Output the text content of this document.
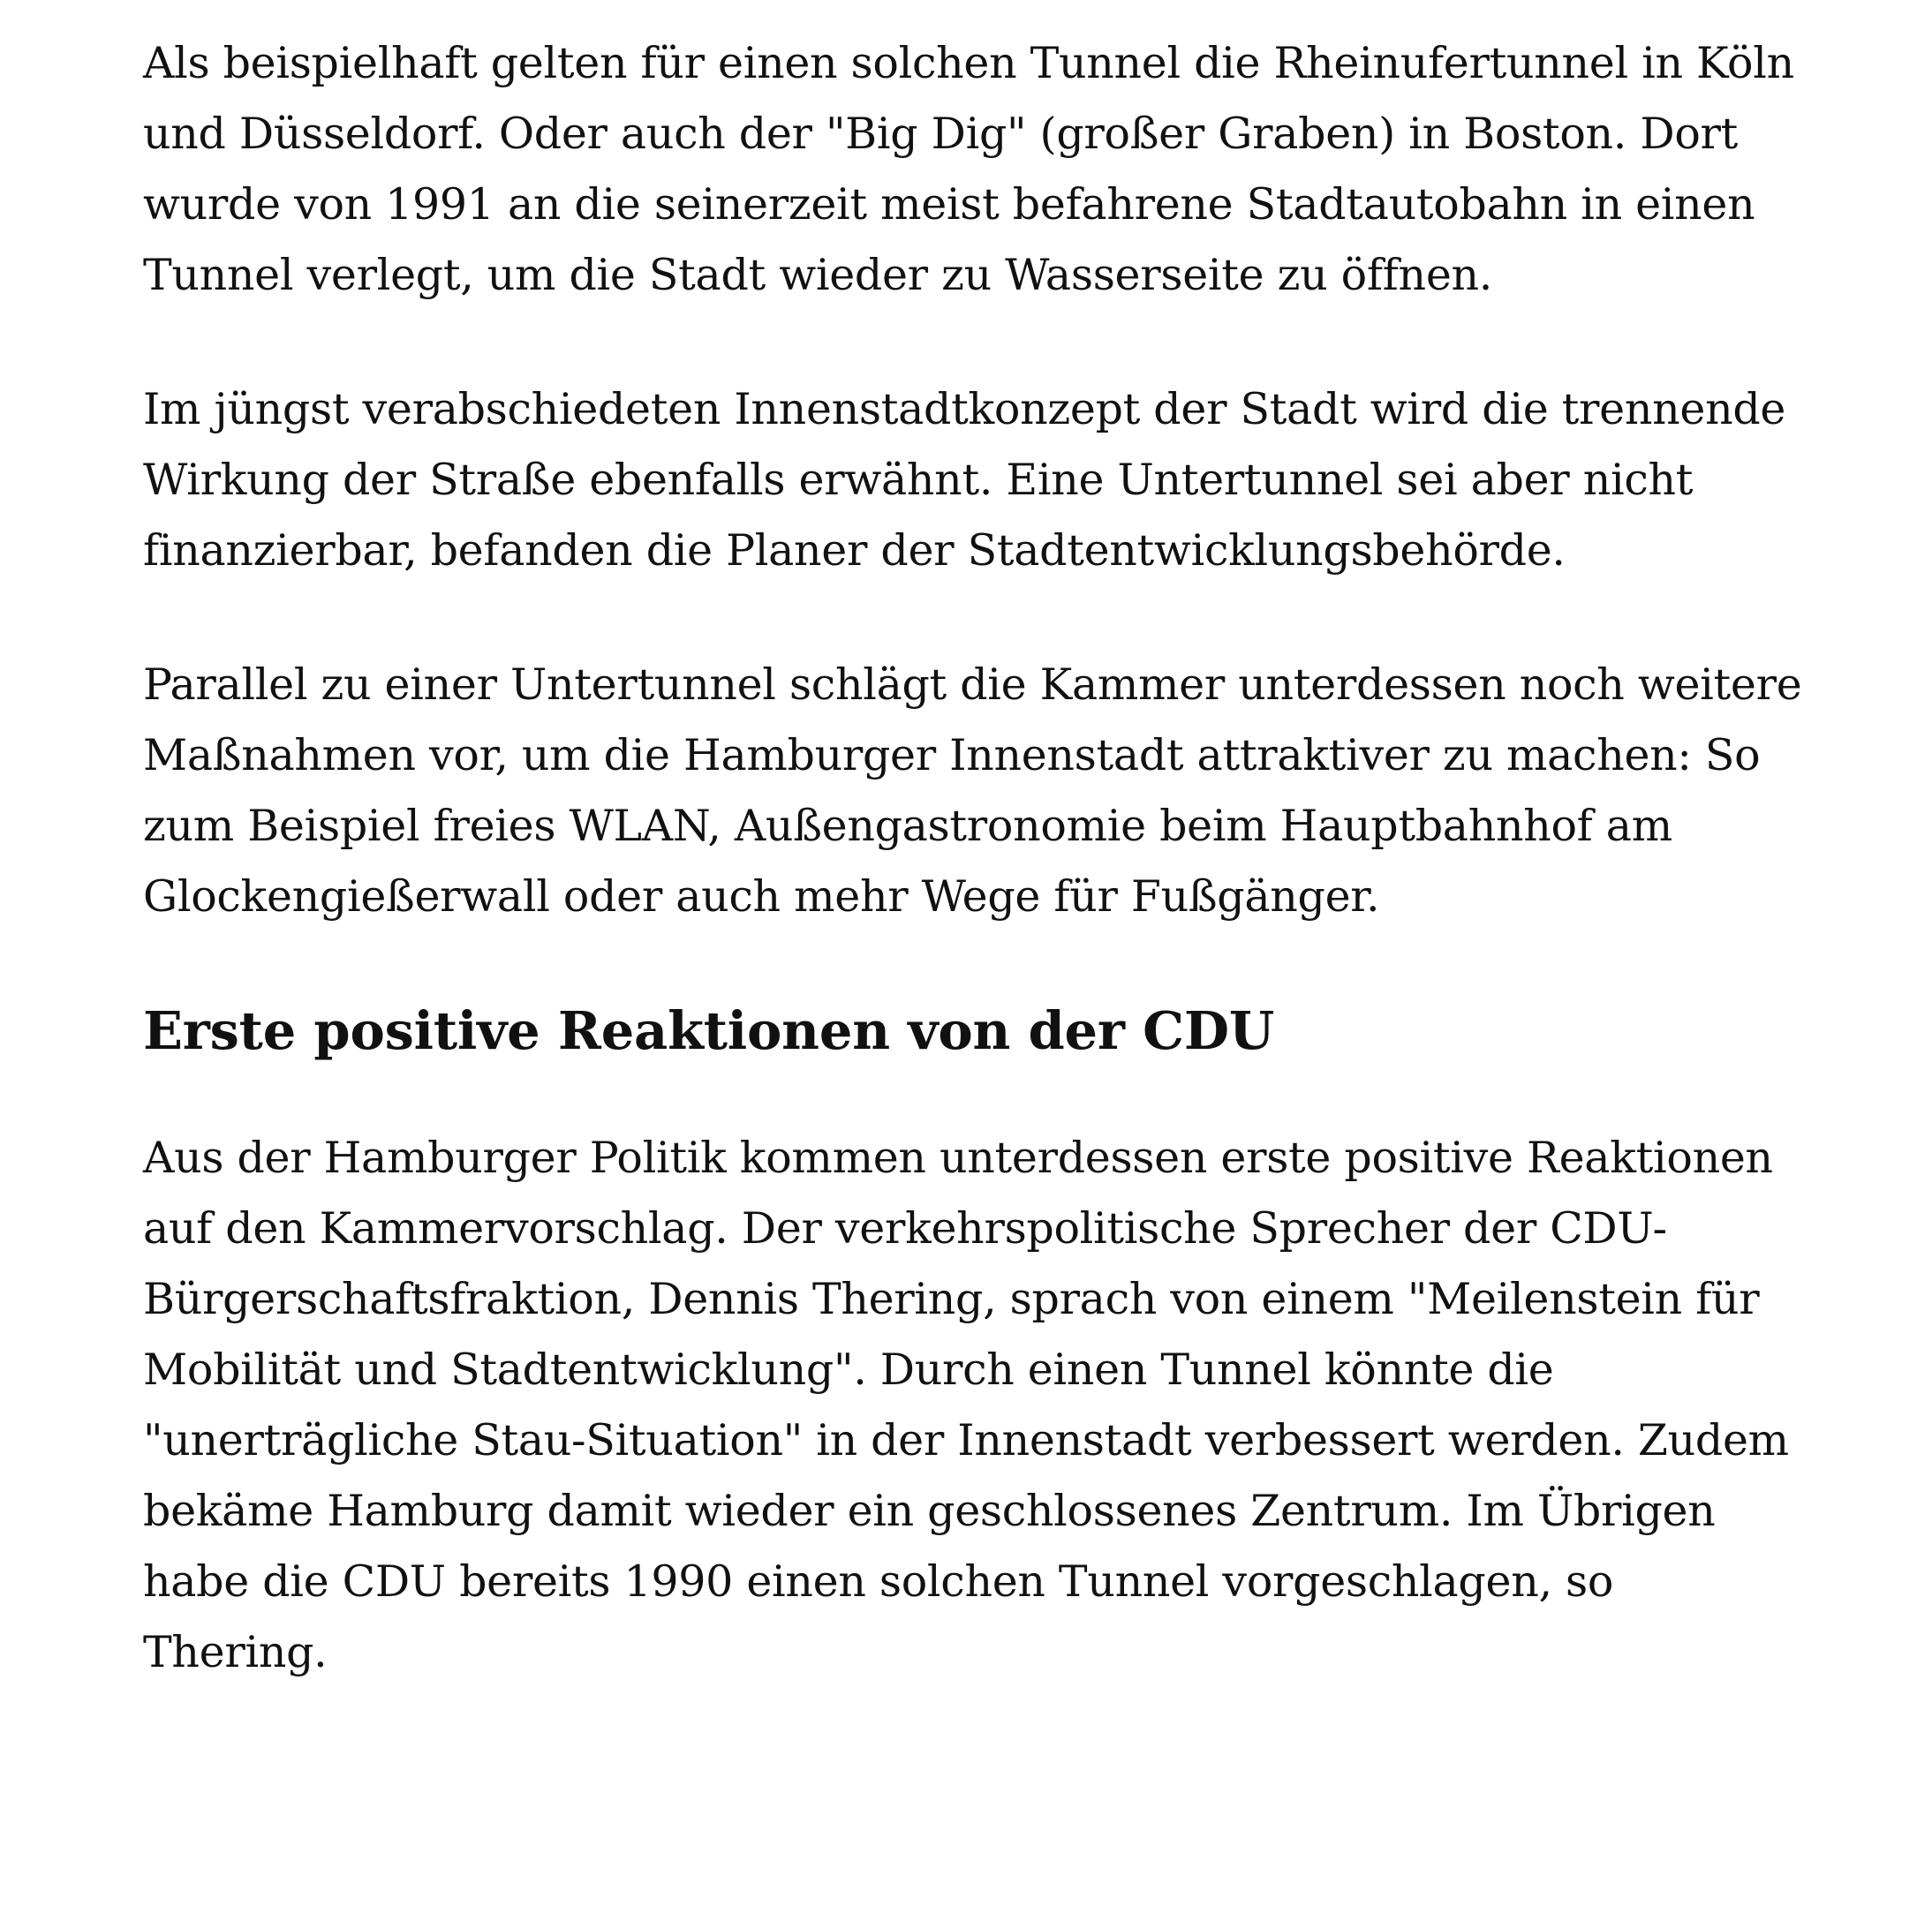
Als beispielhaft gelten für einen solchen Tunnel die Rheinufertunnel in Köln und Düsseldorf. Oder auch der "Big Dig" (großer Graben) in Boston. Dort wurde von 1991 an die seinerzeit meist befahrene Stadtautobahn in einen Tunnel verlegt, um die Stadt wieder zu Wasserseite zu öffnen.

Im jüngst verabschiedeten Innenstadtkonzept der Stadt wird die trennende Wirkung der Straße ebenfalls erwähnt. Eine Untertunnel sei aber nicht finanzierbar, befanden die Planer der Stadtentwicklungsbehörde.

Parallel zu einer Untertunnel schlägt die Kammer unterdessen noch weitere Maßnahmen vor, um die Hamburger Innenstadt attraktiver zu machen: So zum Beispiel freies WLAN, Außengastronomie beim Hauptbahnhof am Glockengießerwall oder auch mehr Wege für Fußgänger.

Erste positive Reaktionen von der CDU

Aus der Hamburger Politik kommen unterdessen erste positive Reaktionen auf den Kammervorschlag. Der verkehrspolitische Sprecher der CDU-Bürgerschaftsfraktion, Dennis Thering, sprach von einem "Meilenstein für Mobilität und Stadtentwicklung". Durch einen Tunnel könnte die "unerträgliche Stau-Situation" in der Innenstadt verbessert werden. Zudem bekäme Hamburg damit wieder ein geschlossenes Zentrum. Im Übrigen habe die CDU bereits 1990 einen solchen Tunnel vorgeschlagen, so Thering.
